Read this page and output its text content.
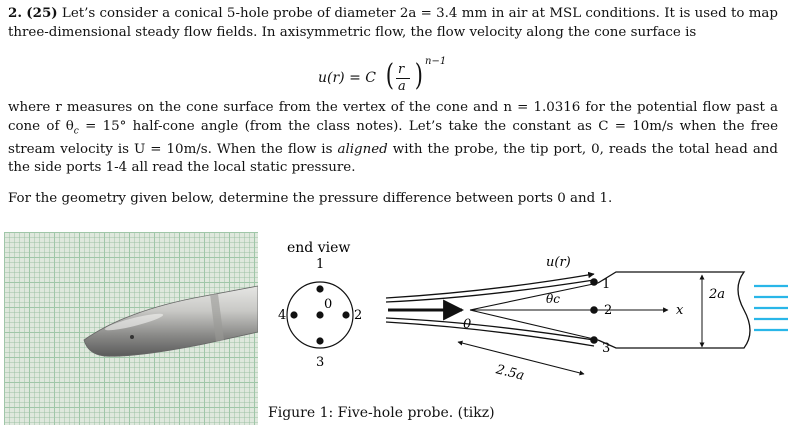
2. (25) Let’s consider a conical 5-hole probe of diameter 2a = 3.4 mm in air at MSL conditions. It is used to map three-dimensional steady flow fields. In axisymmetric flow, the flow velocity along the cone surface is
u(r) = C ( r
a ) n−1
where r measures on the cone surface from the vertex of the cone and n = 1.0316 for the potential flow past a cone of $\theta_c = 15^\circ$ half-cone angle (from the class notes). Let’s take the constant as C = 10m/s when the free stream velocity is U = 10m/s. When the flow is aligned with the probe, the tip port, 0, reads the total head and the side ports 1-4 all read the local static pressure.
For the geometry given below, determine the pressure difference between ports 0 and 1.
end view
1
0
2
3
4
1
2
3
0
θc
x
u(r)
2a
2.5a
Figure 1: Five-hole probe. (tikz)
